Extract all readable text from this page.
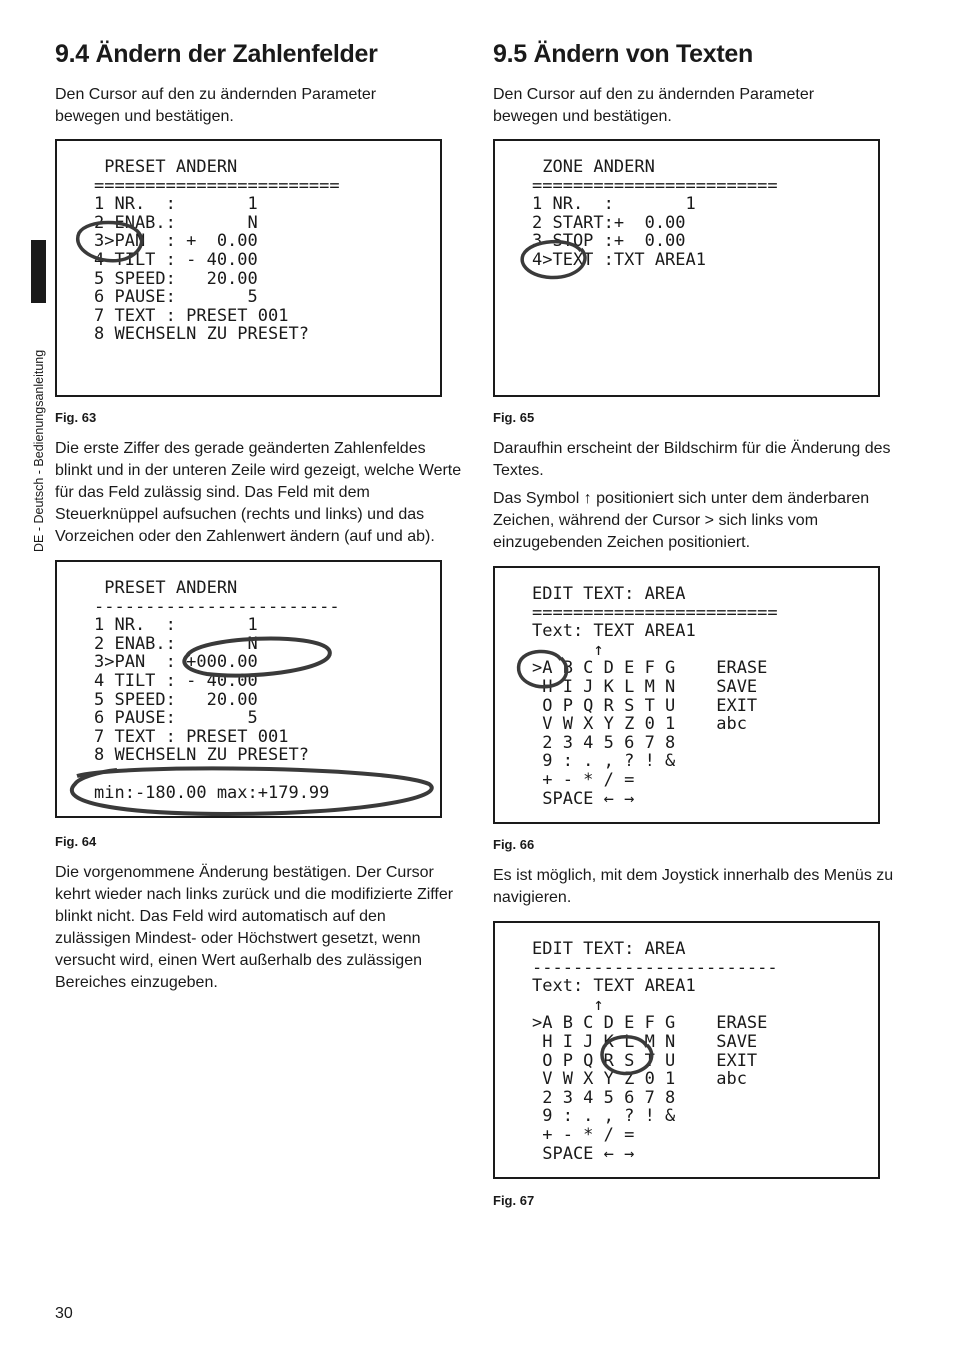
DE - Deutsch - Bedienungsanleitung
9.4 Ändern der Zahlenfelder

Den Cursor auf den zu ändernden Parameter bewegen und bestätigen.

PRESET ANDERN
========================
1 NR.  :       1
2 ENAB.:       N
3>PAN  : +  0.00
4 TILT : - 40.00
5 SPEED:   20.00
6 PAUSE:       5
7 TEXT : PRESET 001
8 WECHSELN ZU PRESET?

Fig. 63

Die erste Ziffer des gerade geänderten Zahlenfeldes blinkt und in der unteren Zeile wird gezeigt, welche Werte für das Feld zulässig sind. Das Feld mit dem Steuerknüppel aufsuchen (rechts und links) und das Vorzeichen oder den Zahlenwert ändern (auf und ab).

PRESET ANDERN
------------------------
1 NR.  :       1
2 ENAB.:       N
3>PAN  : +000.00
4 TILT : - 40.00
5 SPEED:   20.00
6 PAUSE:       5
7 TEXT : PRESET 001
8 WECHSELN ZU PRESET?

min:-180.00 max:+179.99

Fig. 64

Die vorgenommene Änderung bestätigen. Der Cursor kehrt wieder nach links zurück und die modifizierte Ziffer blinkt nicht. Das Feld wird automatisch auf den zulässigen Mindest- oder Höchstwert gesetzt, wenn versucht wird, einen Wert außerhalb des zulässigen Bereiches einzugeben.

9.5 Ändern von Texten

Den Cursor auf den zu ändernden Parameter bewegen und bestätigen.

ZONE ANDERN
========================
1 NR.  :       1
2 START:+  0.00
3 STOP :+  0.00
4>TEXT :TXT AREA1

Fig. 65

Daraufhin erscheint der Bildschirm für die Änderung des Textes.

Das Symbol ↑ positioniert sich unter dem änderbaren Zeichen, während der Cursor > sich links vom einzugebenden Zeichen positioniert.

EDIT TEXT: AREA
========================
Text: TEXT AREA1
↑
>A B C D E F G    ERASE
H I J K L M N    SAVE
O P Q R S T U    EXIT
V W X Y Z 0 1    abc
2 3 4 5 6 7 8
9 : . , ? ! &
+ - * / =
SPACE ← →

Fig. 66

Es ist möglich, mit dem Joystick innerhalb des Menüs zu navigieren.

EDIT TEXT: AREA
------------------------
Text: TEXT AREA1
↑
>A B C D E F G    ERASE
H I J K L M N    SAVE
O P Q R S T U    EXIT
V W X Y Z 0 1    abc
2 3 4 5 6 7 8
9 : . , ? ! &
+ - * / =
SPACE ← →

Fig. 67

30
